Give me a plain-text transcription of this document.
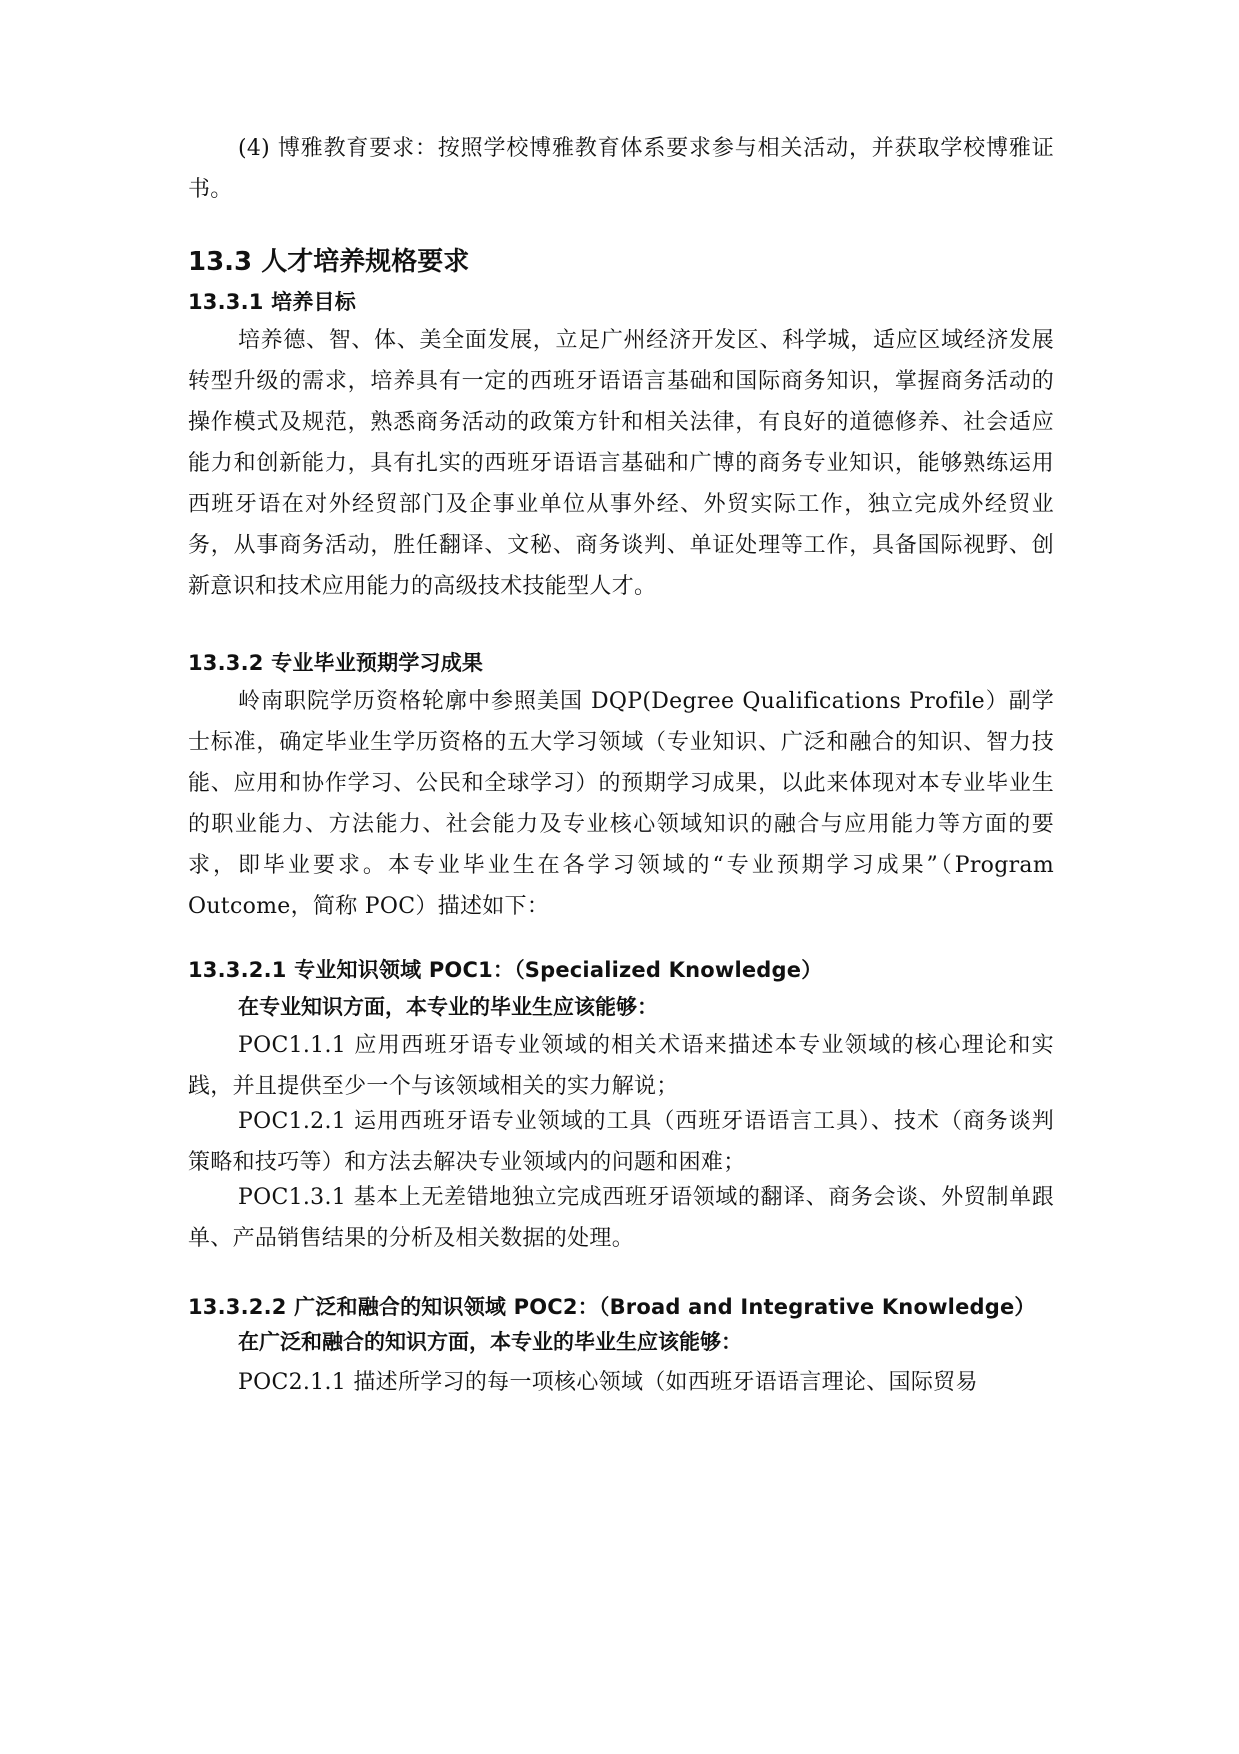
(4) 博雅教育要求：按照学校博雅教育体系要求参与相关活动，并获取学校博雅证书。

13.3 人才培养规格要求
13.3.1 培养目标

培养德、智、体、美全面发展，立足广州经济开发区、科学城，适应区域经济发展转型升级的需求，培养具有一定的西班牙语语言基础和国际商务知识，掌握商务活动的操作模式及规范，熟悉商务活动的政策方针和相关法律，有良好的道德修养、社会适应能力和创新能力，具有扎实的西班牙语语言基础和广博的商务专业知识，能够熟练运用西班牙语在对外经贸部门及企事业单位从事外经、外贸实际工作，独立完成外经贸业务，从事商务活动，胜任翻译、文秘、商务谈判、单证处理等工作，具备国际视野、创新意识和技术应用能力的高级技术技能型人才。

13.3.2 专业毕业预期学习成果

岭南职院学历资格轮廓中参照美国 DQP(Degree Qualifications Profile）副学士标准，确定毕业生学历资格的五大学习领域（专业知识、广泛和融合的知识、智力技能、应用和协作学习、公民和全球学习）的预期学习成果，以此来体现对本专业毕业生的职业能力、方法能力、社会能力及专业核心领域知识的融合与应用能力等方面的要求，即毕业要求。本专业毕业生在各学习领域的“专业预期学习成果”（Program Outcome，简称 POC）描述如下：

13.3.2.1 专业知识领域 POC1：（Specialized Knowledge）

在专业知识方面，本专业的毕业生应该能够：

POC1.1.1 应用西班牙语专业领域的相关术语来描述本专业领域的核心理论和实践，并且提供至少一个与该领域相关的实力解说；

POC1.2.1 运用西班牙语专业领域的工具（西班牙语语言工具）、技术（商务谈判策略和技巧等）和方法去解决专业领域内的问题和困难；

POC1.3.1 基本上无差错地独立完成西班牙语领域的翻译、商务会谈、外贸制单跟单、产品销售结果的分析及相关数据的处理。

13.3.2.2 广泛和融合的知识领域 POC2：（Broad and Integrative Knowledge）

在广泛和融合的知识方面，本专业的毕业生应该能够：

POC2.1.1 描述所学习的每一项核心领域（如西班牙语语言理论、国际贸易
